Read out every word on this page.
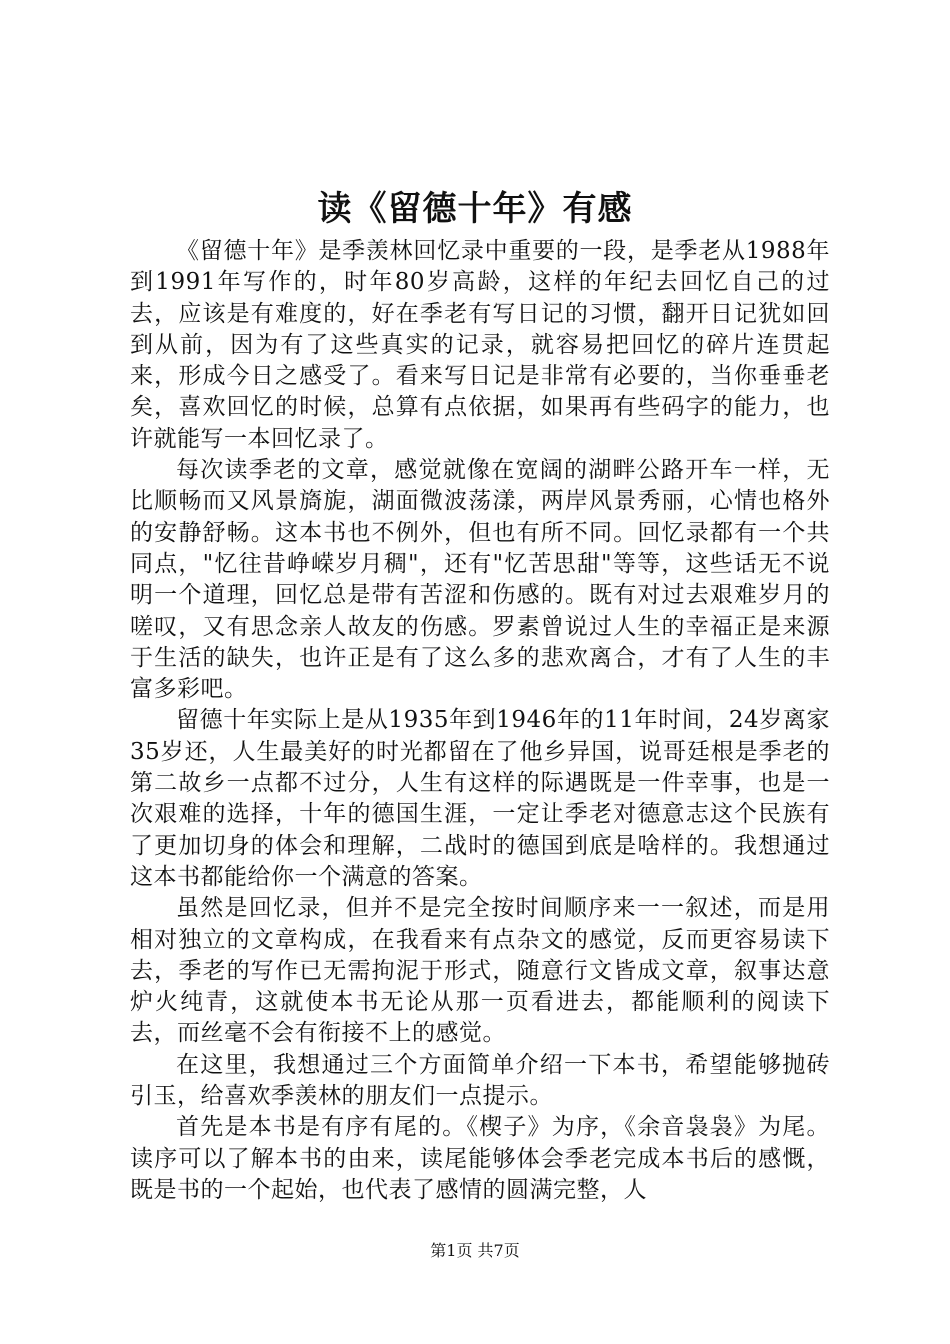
读《留德十年》有感

《留德十年》是季羡林回忆录中重要的一段，是季老从1988年到1991年写作的，时年80岁高龄，这样的年纪去回忆自己的过去，应该是有难度的，好在季老有写日记的习惯，翻开日记犹如回到从前，因为有了这些真实的记录，就容易把回忆的碎片连贯起来，形成今日之感受了。看来写日记是非常有必要的，当你垂垂老矣，喜欢回忆的时候，总算有点依据，如果再有些码字的能力，也许就能写一本回忆录了。

每次读季老的文章，感觉就像在宽阔的湖畔公路开车一样，无比顺畅而又风景旖旎，湖面微波荡漾，两岸风景秀丽，心情也格外的安静舒畅。这本书也不例外，但也有所不同。回忆录都有一个共同点，"忆往昔峥嵘岁月稠"，还有"忆苦思甜"等等，这些话无不说明一个道理，回忆总是带有苦涩和伤感的。既有对过去艰难岁月的嗟叹，又有思念亲人故友的伤感。罗素曾说过人生的幸福正是来源于生活的缺失，也许正是有了这么多的悲欢离合，才有了人生的丰富多彩吧。

留德十年实际上是从1935年到1946年的11年时间，24岁离家35岁还，人生最美好的时光都留在了他乡异国，说哥廷根是季老的第二故乡一点都不过分，人生有这样的际遇既是一件幸事，也是一次艰难的选择，十年的德国生涯，一定让季老对德意志这个民族有了更加切身的体会和理解，二战时的德国到底是啥样的。我想通过这本书都能给你一个满意的答案。

虽然是回忆录，但并不是完全按时间顺序来一一叙述，而是用相对独立的文章构成，在我看来有点杂文的感觉，反而更容易读下去，季老的写作已无需拘泥于形式，随意行文皆成文章，叙事达意炉火纯青，这就使本书无论从那一页看进去，都能顺利的阅读下去，而丝毫不会有衔接不上的感觉。

在这里，我想通过三个方面简单介绍一下本书，希望能够抛砖引玉，给喜欢季羡林的朋友们一点提示。

首先是本书是有序有尾的。《楔子》为序，《余音袅袅》为尾。读序可以了解本书的由来，读尾能够体会季老完成本书后的感慨，既是书的一个起始，也代表了感情的圆满完整，人

第1页 共7页
